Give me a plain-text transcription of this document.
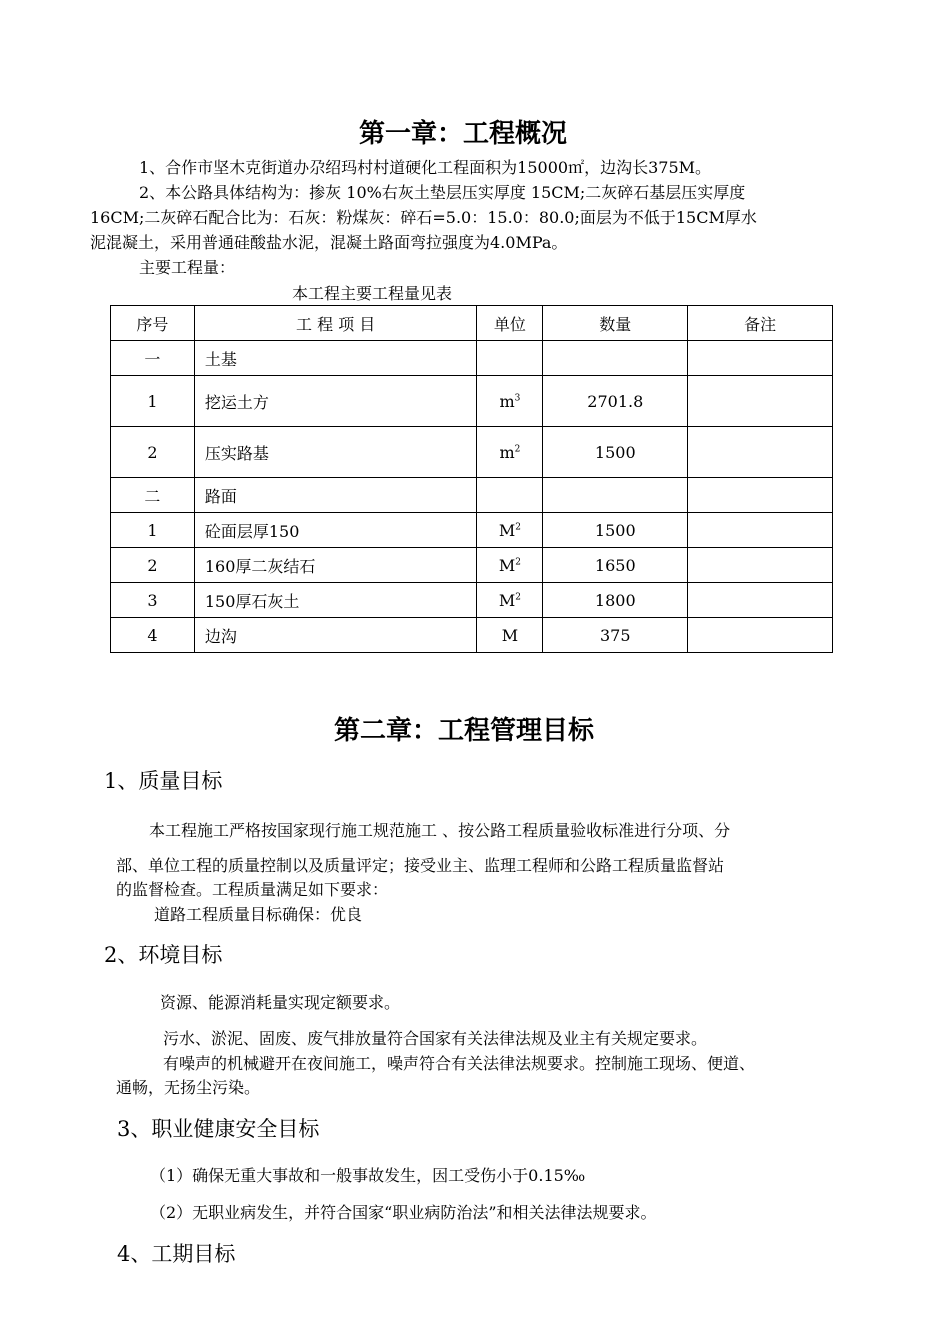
第一章：工程概况
1、合作市坚木克街道办尕绍玛村村道硬化工程面积为15000㎡，边沟长375M。
2、本公路具体结构为：掺灰 10%右灰土垫层压实厚度 15CM;二灰碎石基层压实厚度
16CM;二灰碎石配合比为：石灰：粉煤灰：碎石=5.0：15.0：80.0;面层为不低于15CM厚水
泥混凝土，采用普通硅酸盐水泥，混凝土路面弯拉强度为4.0MPa。
主要工程量：
本工程主要工程量见表
序号	工 程 项 目	单位	数量	备注
一	土基			
1	挖运土方	$m^3$	2701.8	
2	压实路基	$m^2$	1500	
二	路面			
1	砼面层厚150	$M^2$	1500	
2	160厚二灰结石	$M^2$	1650	
3	150厚石灰土	$M^2$	1800	
4	边沟	M	375	
第二章：工程管理目标
1、质量目标
本工程施工严格按国家现行施工规范施工 、按公路工程质量验收标准进行分项、分
部、单位工程的质量控制以及质量评定；接受业主、监理工程师和公路工程质量监督站
的监督检查。工程质量满足如下要求：
道路工程质量目标确保：优良
2、环境目标
资源、能源消耗量实现定额要求。
污水、淤泥、固废、废气排放量符合国家有关法律法规及业主有关规定要求。
有噪声的机械避开在夜间施工，噪声符合有关法律法规要求。控制施工现场、便道、
通畅，无扬尘污染。
3、职业健康安全目标
（1）确保无重大事故和一般事故发生，因工受伤小于0.15‰
（2）无职业病发生，并符合国家“职业病防治法”和相关法律法规要求。
4、工期目标
